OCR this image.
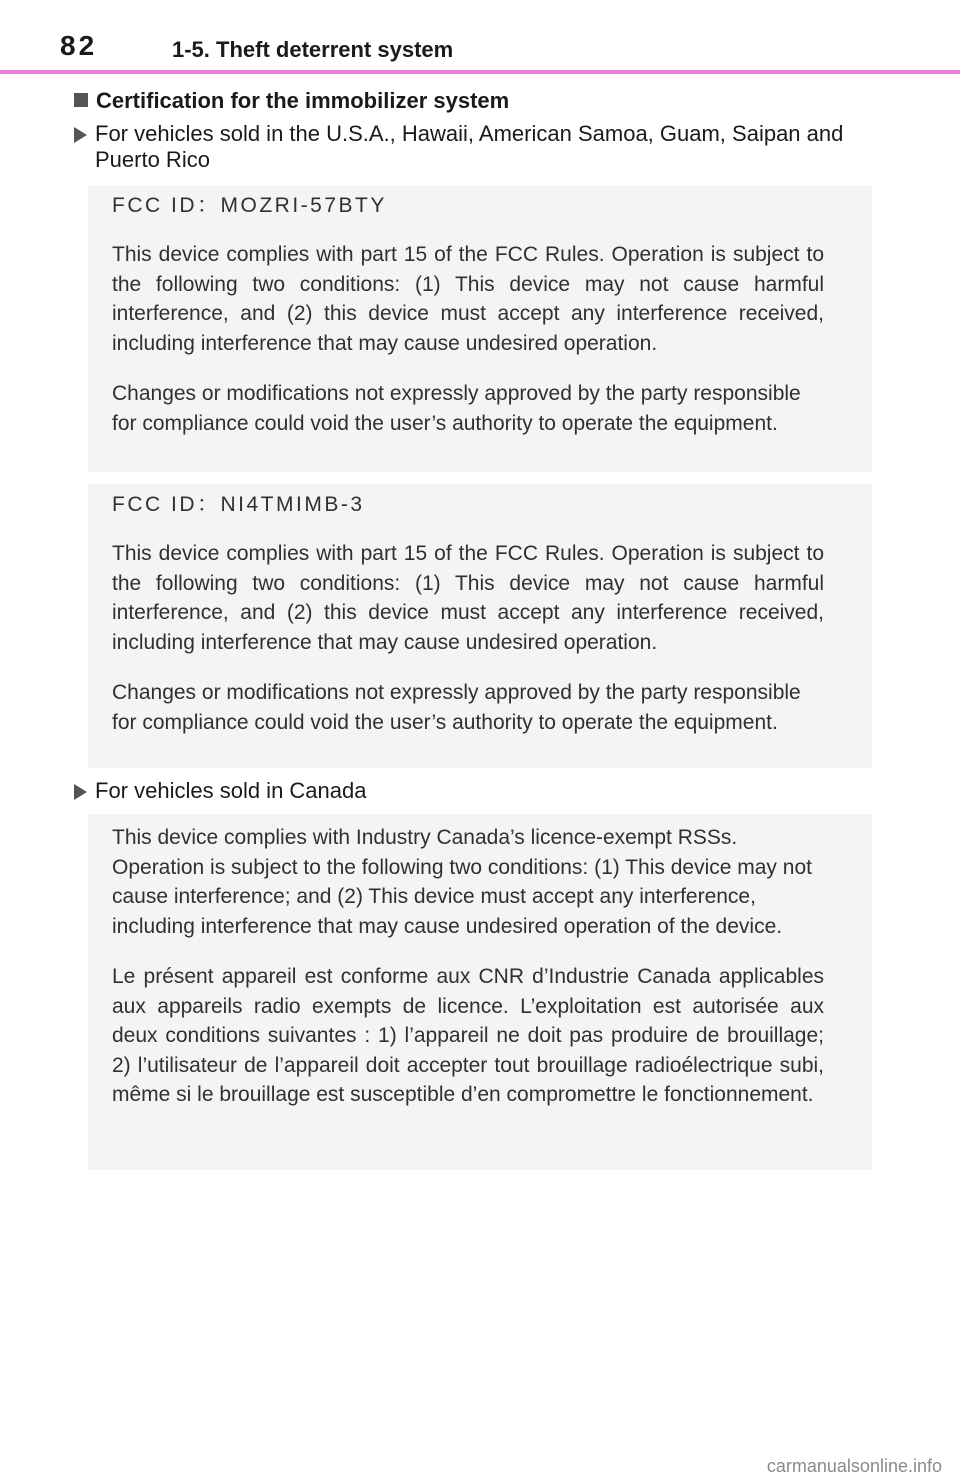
82	1-5. Theft deterrent system
Certification for the immobilizer system
For vehicles sold in the U.S.A., Hawaii, American Samoa, Guam, Saipan and Puerto Rico

FCC ID：MOZRI-57BTY

This device complies with part 15 of the FCC Rules. Operation is subject to the following two conditions: (1) This device may not cause harmful interference, and (2) this device must accept any interference received, including interference that may cause undesired operation.

Changes or modifications not expressly approved by the party responsible for compliance could void the user’s authority to operate the equipment.

FCC ID：NI4TMIMB-3

This device complies with part 15 of the FCC Rules. Operation is subject to the following two conditions: (1) This device may not cause harmful interference, and (2) this device must accept any interference received, including interference that may cause undesired operation.

Changes or modifications not expressly approved by the party responsible for compliance could void the user’s authority to operate the equipment.

For vehicles sold in Canada

This device complies with Industry Canada’s licence-exempt RSSs. Operation is subject to the following two conditions: (1) This device may not cause interference; and (2) This device must accept any interference, including interference that may cause undesired operation of the device.

Le présent appareil est conforme aux CNR d’Industrie Canada applicables aux appareils radio exempts de licence. L’exploitation est autorisée aux deux conditions suivantes : 1) l’appareil ne doit pas produire de brouillage; 2) l’utilisateur de l’appareil doit accepter tout brouillage radioélectrique subi, même si le brouillage est susceptible d’en compromettre le fonctionnement.

carmanualsonline.info
